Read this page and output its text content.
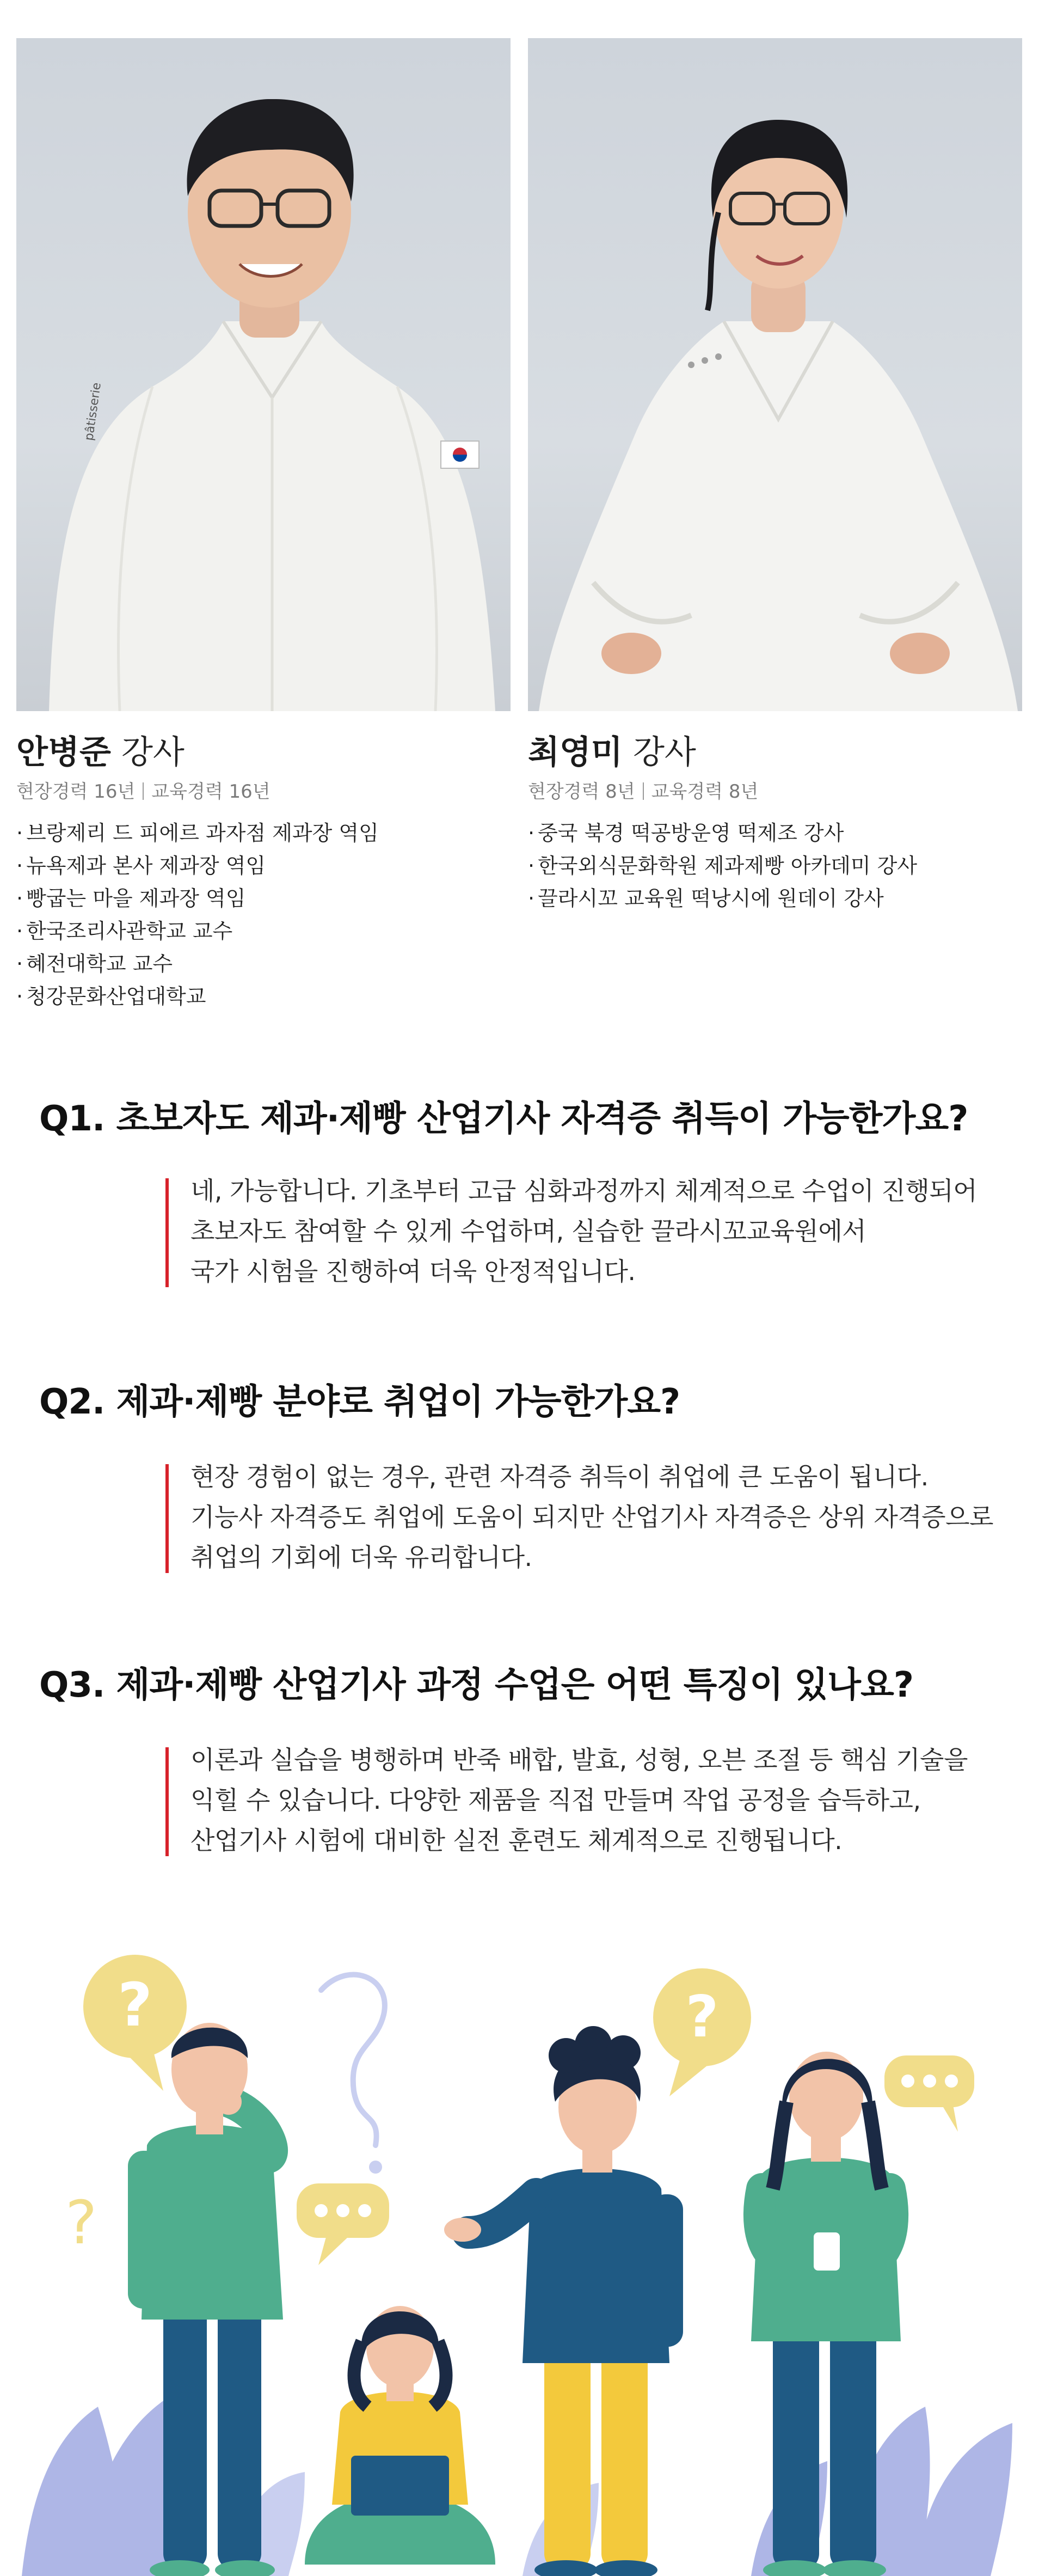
pâtisserie
안병준 강사
현장경력 16년 교육경력 16년
· 브랑제리 드 피에르 과자점 제과장 역임
· 뉴욕제과 본사 제과장 역임
· 빵굽는 마을 제과장 역임
· 한국조리사관학교 교수
· 혜전대학교 교수
· 청강문화산업대학교
최영미 강사
현장경력 8년 교육경력 8년
· 중국 북경 떡공방운영 떡제조 강사
· 한국외식문화학원 제과제빵 아카데미 강사
· 끌라시꼬 교육원 떡낭시에 원데이 강사
Q1. 초보자도 제과·제빵 산업기사 자격증 취득이 가능한가요?

네, 가능합니다. 기초부터 고급 심화과정까지 체계적으로 수업이 진행되어

초보자도 참여할 수 있게 수업하며, 실습한 끌라시꼬교육원에서

국가 시험을 진행하여 더욱 안정적입니다.

Q2. 제과·제빵 분야로 취업이 가능한가요?

현장 경험이 없는 경우, 관련 자격증 취득이 취업에 큰 도움이 됩니다.

기능사 자격증도 취업에 도움이 되지만 산업기사 자격증은 상위 자격증으로

취업의 기회에 더욱 유리합니다.

Q3. 제과·제빵 산업기사 과정 수업은 어떤 특징이 있나요?

이론과 실습을 병행하며 반죽 배합, 발효, 성형, 오븐 조절 등 핵심 기술을

익힐 수 있습니다. 다양한 제품을 직접 만들며 작업 공정을 습득하고,

산업기사 시험에 대비한 실전 훈련도 체계적으로 진행됩니다.

?	?
?
